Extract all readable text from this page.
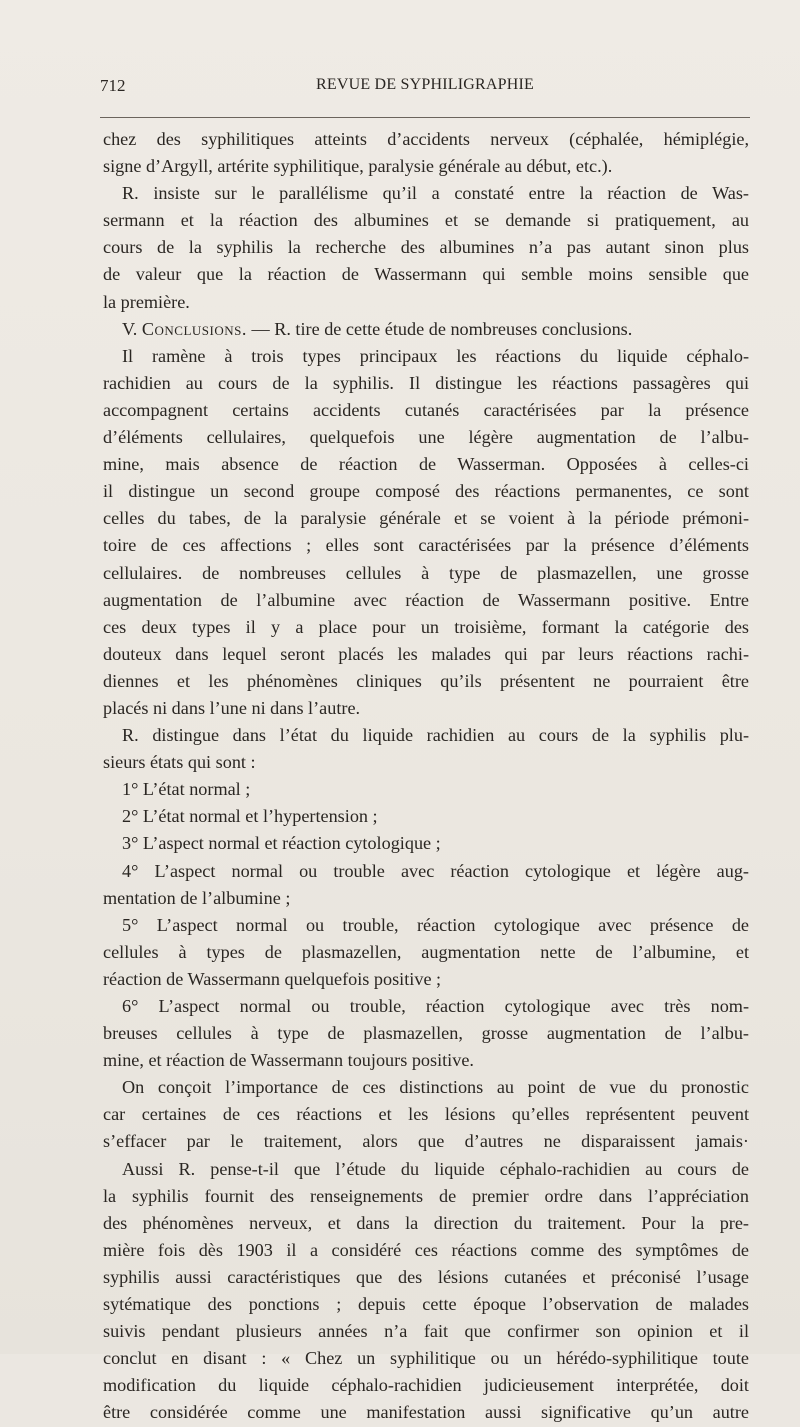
712	REVUE DE SYPHILIGRAPHIE
chez des syphilitiques atteints d’accidents nerveux (céphalée, hémiplégie,
signe d’Argyll, artérite syphilitique, paralysie générale au début, etc.).
R. insiste sur le parallélisme qu’il a constaté entre la réaction de Was-
sermann et la réaction des albumines et se demande si pratiquement, au
cours de la syphilis la recherche des albumines n’a pas autant sinon plus
de valeur que la réaction de Wassermann qui semble moins sensible que
la première.
V. Conclusions. — R. tire de cette étude de nombreuses conclusions.
Il ramène à trois types principaux les réactions du liquide céphalo-
rachidien au cours de la syphilis. Il distingue les réactions passagères qui
accompagnent certains accidents cutanés caractérisées par la présence
d’éléments cellulaires, quelquefois une légère augmentation de l’albu-
mine, mais absence de réaction de Wasserman. Opposées à celles-ci
il distingue un second groupe composé des réactions permanentes, ce sont
celles du tabes, de la paralysie générale et se voient à la période prémoni-
toire de ces affections ; elles sont caractérisées par la présence d’éléments
cellulaires. de nombreuses cellules à type de plasmazellen, une grosse
augmentation de l’albumine avec réaction de Wassermann positive. Entre
ces deux types il y a place pour un troisième, formant la catégorie des
douteux dans lequel seront placés les malades qui par leurs réactions rachi-
diennes et les phénomènes cliniques qu’ils présentent ne pourraient être
placés ni dans l’une ni dans l’autre.
R. distingue dans l’état du liquide rachidien au cours de la syphilis plu-
sieurs états qui sont :
1° L’état normal ;
2° L’état normal et l’hypertension ;
3° L’aspect normal et réaction cytologique ;
4° L’aspect normal ou trouble avec réaction cytologique et légère aug-
mentation de l’albumine ;
5° L’aspect normal ou trouble, réaction cytologique avec présence de
cellules à types de plasmazellen, augmentation nette de l’albumine, et
réaction de Wassermann quelquefois positive ;
6° L’aspect normal ou trouble, réaction cytologique avec très nom-
breuses cellules à type de plasmazellen, grosse augmentation de l’albu-
mine, et réaction de Wassermann toujours positive.
On conçoit l’importance de ces distinctions au point de vue du pronostic
car certaines de ces réactions et les lésions qu’elles représentent peuvent
s’effacer par le traitement, alors que d’autres ne disparaissent jamais·
Aussi R. pense-t-il que l’étude du liquide céphalo-rachidien au cours de
la syphilis fournit des renseignements de premier ordre dans l’appréciation
des phénomènes nerveux, et dans la direction du traitement. Pour la pre-
mière fois dès 1903 il a considéré ces réactions comme des symptômes de
syphilis aussi caractéristiques que des lésions cutanées et préconisé l’usage
sytématique des ponctions ; depuis cette époque l’observation de malades
suivis pendant plusieurs années n’a fait que confirmer son opinion et il
conclut en disant : « Chez un syphilitique ou un hérédo-syphilitique toute
modification du liquide céphalo-rachidien judicieusement interprétée, doit
être considérée comme une manifestation aussi significative qu’un autre
